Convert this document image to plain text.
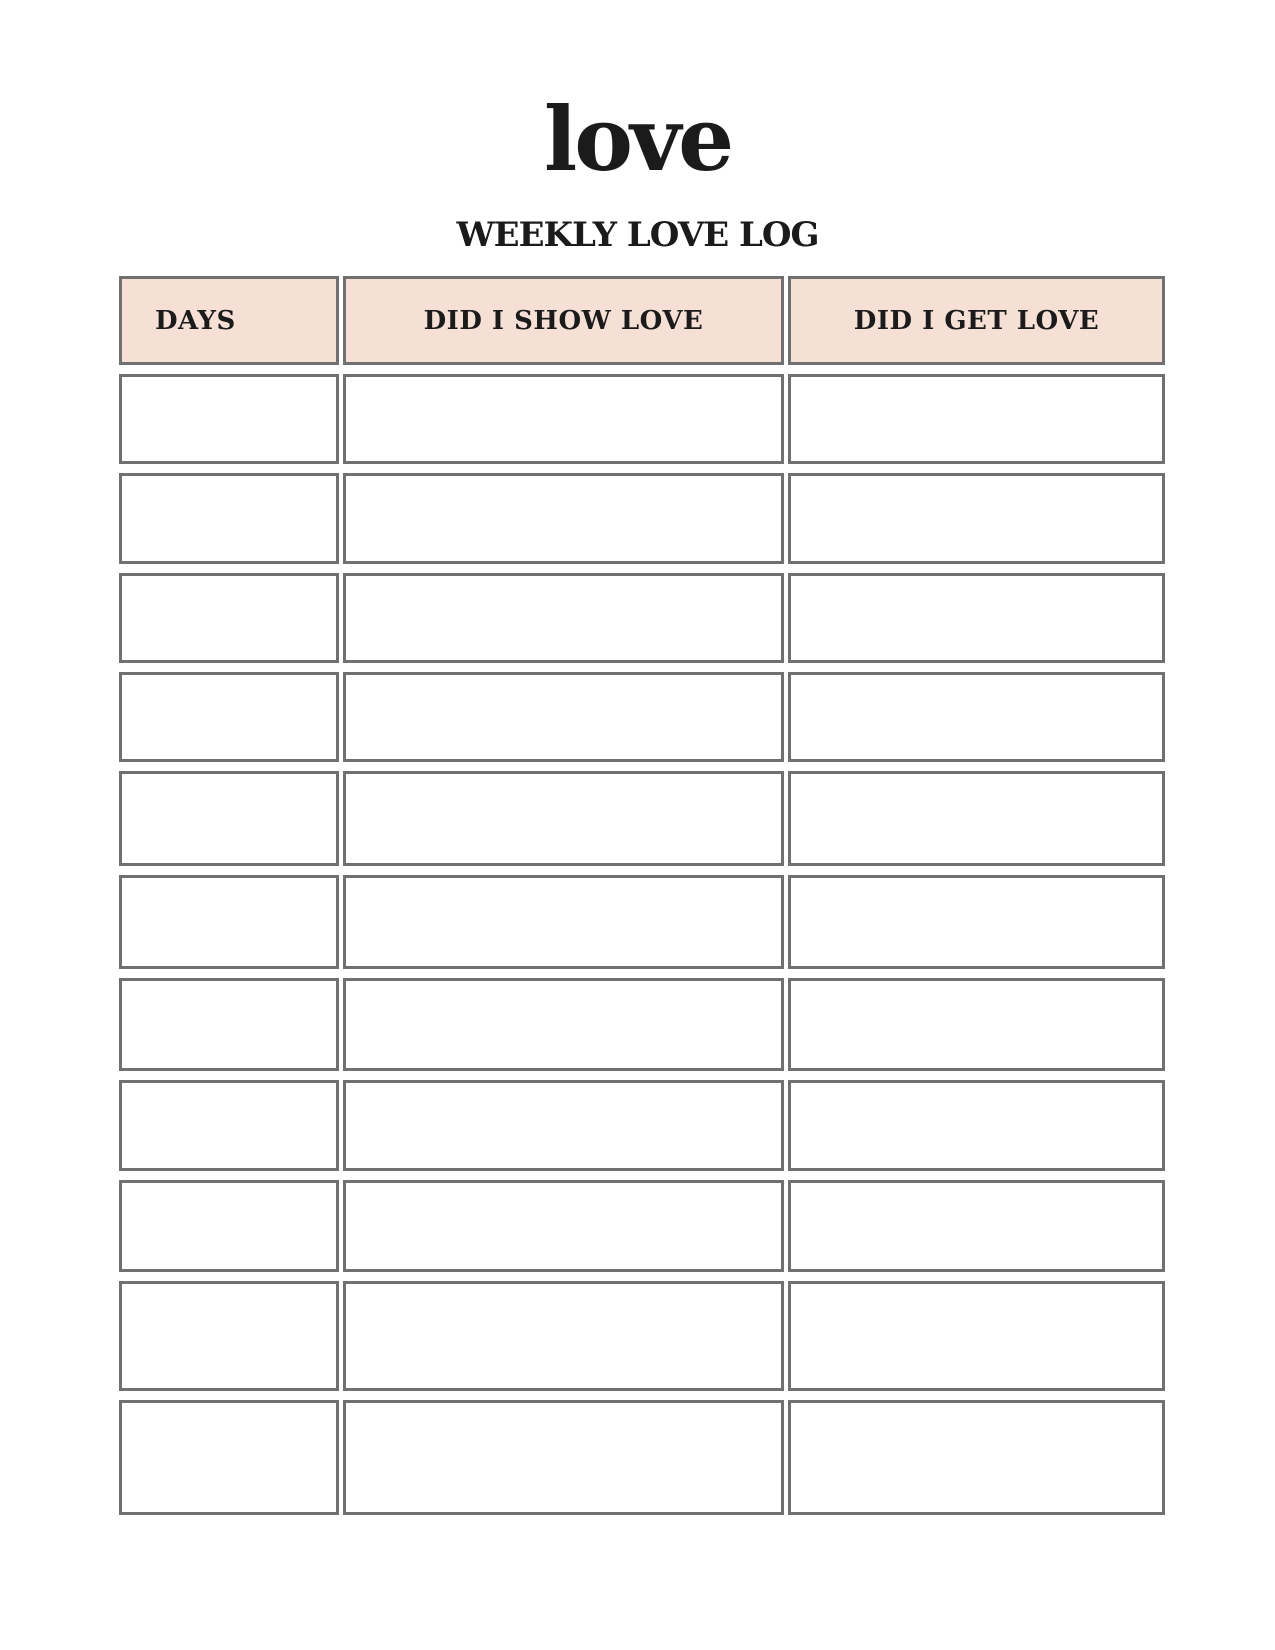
love
WEEKLY LOVE LOG
DAYS	DID I SHOW LOVE	DID I GET LOVE
